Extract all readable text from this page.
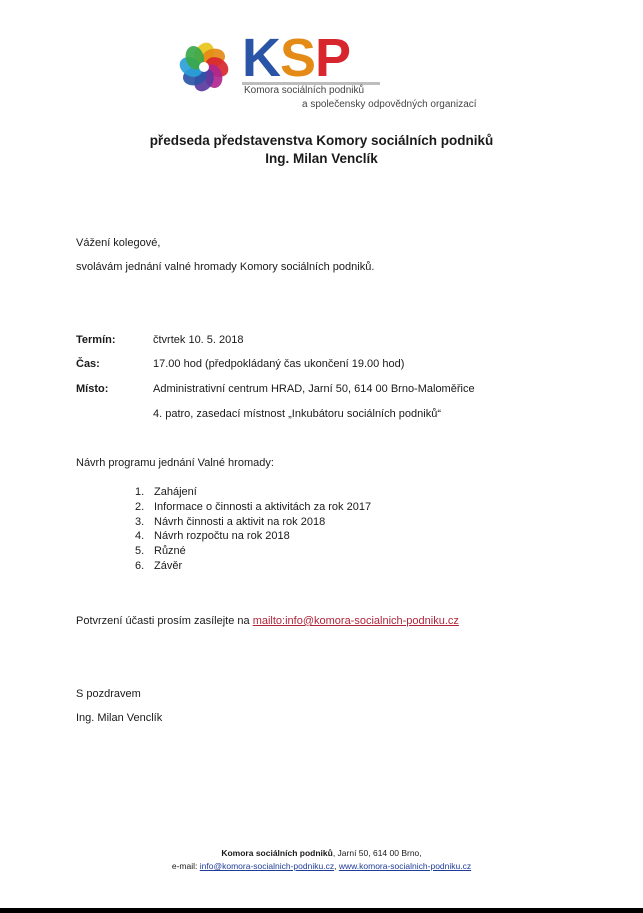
KSP
Komora sociálních podniků
a společensky odpovědných organizací
předseda představenstva Komory sociálních podniků
Ing. Milan Venclík
Vážení kolegové,
svolávám jednání valné hromady Komory sociálních podniků.
Termín:	čtvrtek 10. 5. 2018
Čas:	17.00 hod (předpokládaný čas ukončení 19.00 hod)
Místo:	Administrativní centrum HRAD, Jarní 50, 614 00 Brno-Maloměřice
4. patro, zasedací místnost „Inkubátoru sociálních podniků“
Návrh programu jednání Valné hromady:
1. Zahájení
2. Informace o činnosti a aktivitách za rok 2017
3. Návrh činnosti a aktivit na rok 2018
4. Návrh rozpočtu na rok 2018
5. Různé
6. Závěr
Potvrzení účasti prosím zasílejte na mailto:info@komora-socialnich-podniku.cz
S pozdravem
Ing. Milan Venclík
Komora sociálních podniků, Jarní 50, 614 00 Brno,
e-mail: info@komora-socialnich-podniku.cz, www.komora-socialnich-podniku.cz
